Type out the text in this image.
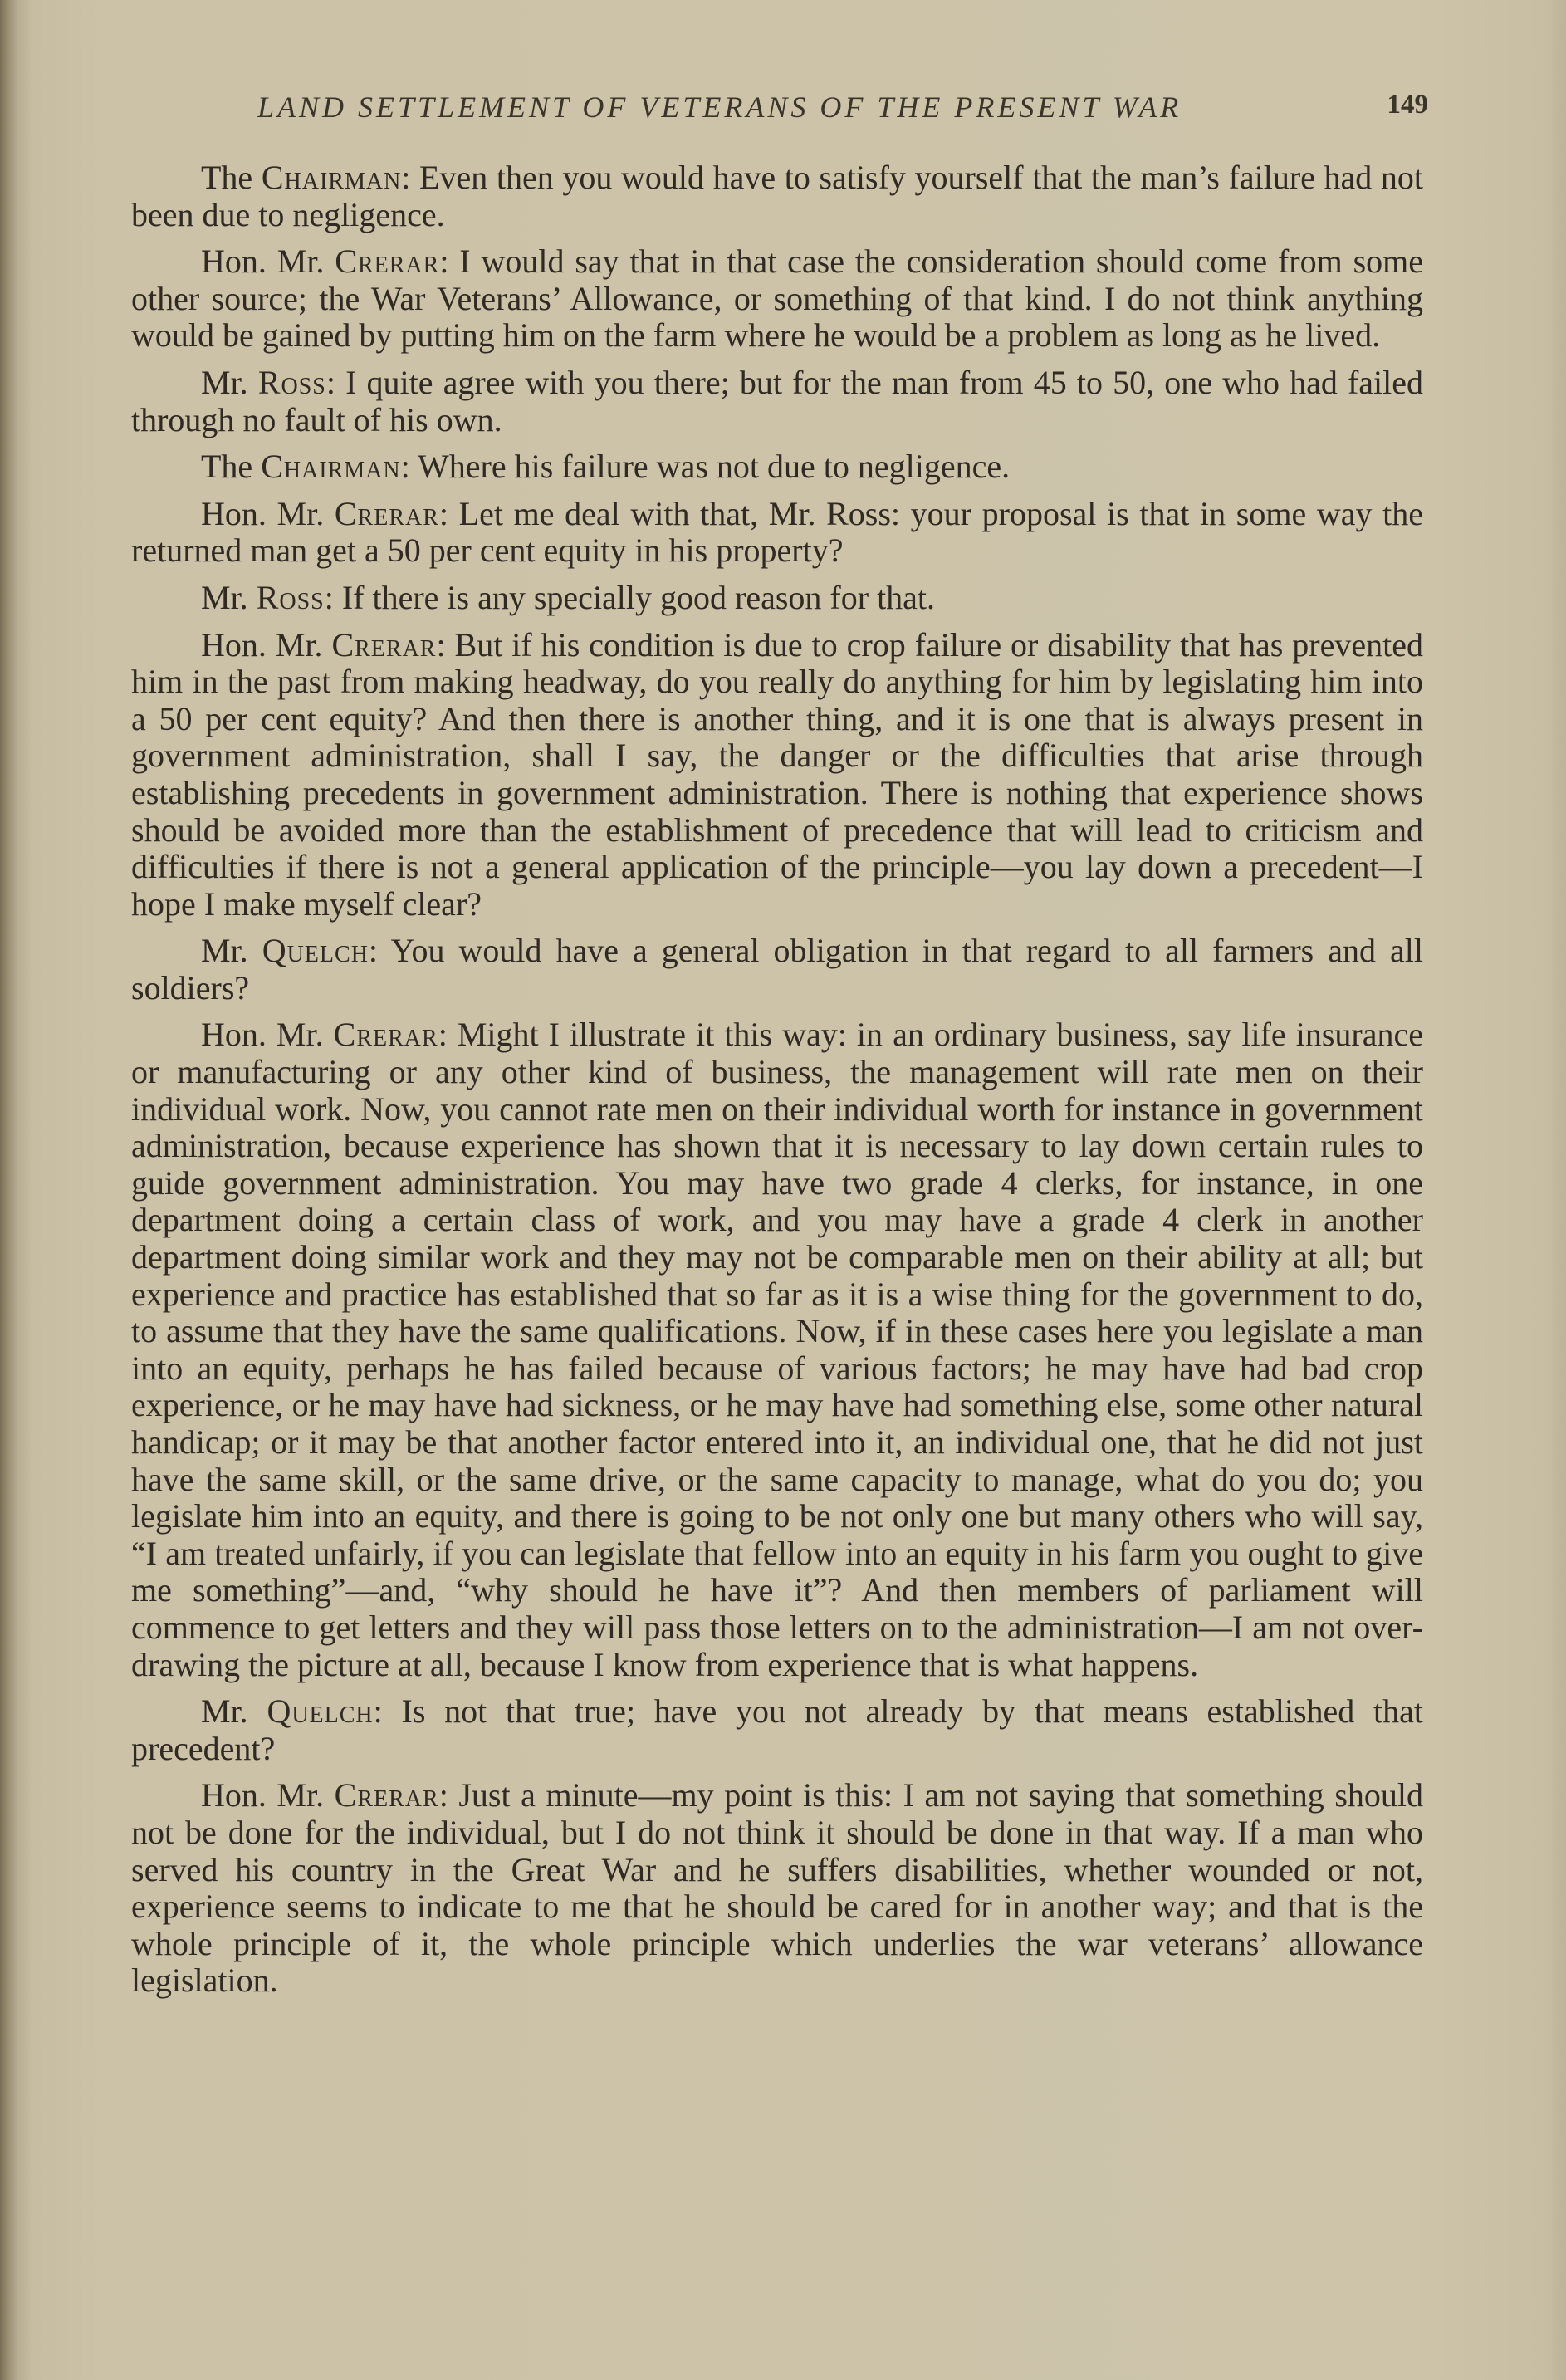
LAND SETTLEMENT OF VETERANS OF THE PRESENT WAR	149

The Chairman: Even then you would have to satisfy yourself that the man’s failure had not been due to negligence.

Hon. Mr. Crerar: I would say that in that case the consideration should come from some other source; the War Veterans’ Allowance, or something of that kind. I do not think anything would be gained by putting him on the farm where he would be a problem as long as he lived.

Mr. Ross: I quite agree with you there; but for the man from 45 to 50, one who had failed through no fault of his own.

The Chairman: Where his failure was not due to negligence.

Hon. Mr. Crerar: Let me deal with that, Mr. Ross: your proposal is that in some way the returned man get a 50 per cent equity in his property?

Mr. Ross: If there is any specially good reason for that.

Hon. Mr. Crerar: But if his condition is due to crop failure or disability that has prevented him in the past from making headway, do you really do anything for him by legislating him into a 50 per cent equity? And then there is another thing, and it is one that is always present in government administration, shall I say, the danger or the difficulties that arise through establishing precedents in government administration. There is nothing that experience shows should be avoided more than the establishment of precedence that will lead to criticism and difficulties if there is not a general application of the principle—you lay down a precedent—I hope I make myself clear?

Mr. Quelch: You would have a general obligation in that regard to all farmers and all soldiers?

Hon. Mr. Crerar: Might I illustrate it this way: in an ordinary business, say life insurance or manufacturing or any other kind of business, the management will rate men on their individual work. Now, you cannot rate men on their individual worth for instance in government administration, because experience has shown that it is necessary to lay down certain rules to guide government administration. You may have two grade 4 clerks, for instance, in one department doing a certain class of work, and you may have a grade 4 clerk in another department doing similar work and they may not be comparable men on their ability at all; but experience and practice has established that so far as it is a wise thing for the government to do, to assume that they have the same qualifications. Now, if in these cases here you legislate a man into an equity, perhaps he has failed because of various factors; he may have had bad crop experience, or he may have had sickness, or he may have had something else, some other natural handicap; or it may be that another factor entered into it, an individual one, that he did not just have the same skill, or the same drive, or the same capacity to manage, what do you do; you legislate him into an equity, and there is going to be not only one but many others who will say, “I am treated unfairly, if you can legislate that fellow into an equity in his farm you ought to give me something”—and, “why should he have it”? And then members of parliament will commence to get letters and they will pass those letters on to the administration—I am not over-drawing the picture at all, because I know from experience that is what happens.

Mr. Quelch: Is not that true; have you not already by that means established that precedent?

Hon. Mr. Crerar: Just a minute—my point is this: I am not saying that something should not be done for the individual, but I do not think it should be done in that way. If a man who served his country in the Great War and he suffers disabilities, whether wounded or not, experience seems to indicate to me that he should be cared for in another way; and that is the whole principle of it, the whole principle which underlies the war veterans’ allowance legislation.
